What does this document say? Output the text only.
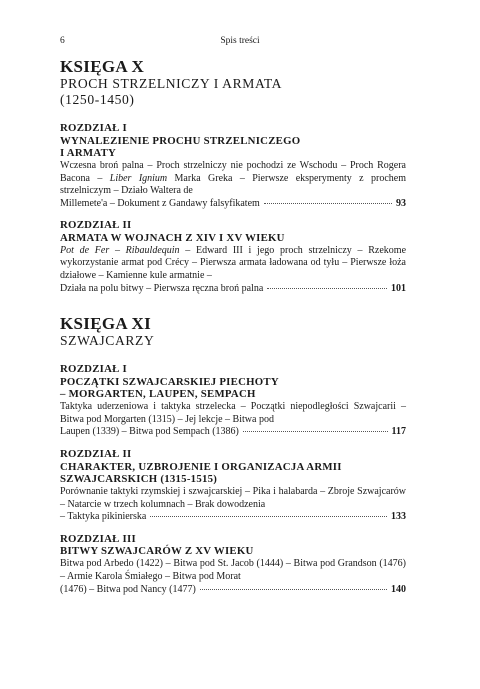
6	Spis treści
KSIĘGA X
PROCH STRZELNICZY I ARMATA
(1250-1450)
ROZDZIAŁ I
WYNALEZIENIE PROCHU STRZELNICZEGO
I ARMATY
Wczesna broń palna – Proch strzelniczy nie pochodzi ze Wschodu – Proch Rogera Bacona – Liber Ignium Marka Greka – Pierwsze eksperymenty z prochem strzelniczym – Działo Waltera de
Millemete'a – Dokument z Gandawy falsyfikatem	93
ROZDZIAŁ II
ARMATA W WOJNACH Z XIV I XV WIEKU
Pot de Fer – Ribauldequin – Edward III i jego proch strzelniczy – Rzekome wykorzystanie armat pod Crécy – Pierwsza armata ładowana od tyłu – Pierwsze łoża działowe – Kamienne kule armatnie –
Działa na polu bitwy – Pierwsza ręczna broń palna	101
KSIĘGA XI
SZWAJCARZY
ROZDZIAŁ I
POCZĄTKI SZWAJCARSKIEJ PIECHOTY
– MORGARTEN, LAUPEN, SEMPACH
Taktyka uderzeniowa i taktyka strzelecka – Początki niepodległości Szwajcarii – Bitwa pod Morgarten (1315) – Jej lekcje – Bitwa pod
Laupen (1339) – Bitwa pod Sempach (1386)	117
ROZDZIAŁ II
CHARAKTER, UZBROJENIE I ORGANIZACJA ARMII
SZWAJCARSKICH (1315-1515)
Porównanie taktyki rzymskiej i szwajcarskiej – Pika i halabarda – Zbroje Szwajcarów – Natarcie w trzech kolumnach – Brak dowodzenia
– Taktyka pikinierska	133
ROZDZIAŁ III
BITWY SZWAJCARÓW Z XV WIEKU
Bitwa pod Arbedo (1422) – Bitwa pod St. Jacob (1444) – Bitwa pod Grandson (1476) – Armie Karola Śmiałego – Bitwa pod Morat
(1476) – Bitwa pod Nancy (1477)	140
